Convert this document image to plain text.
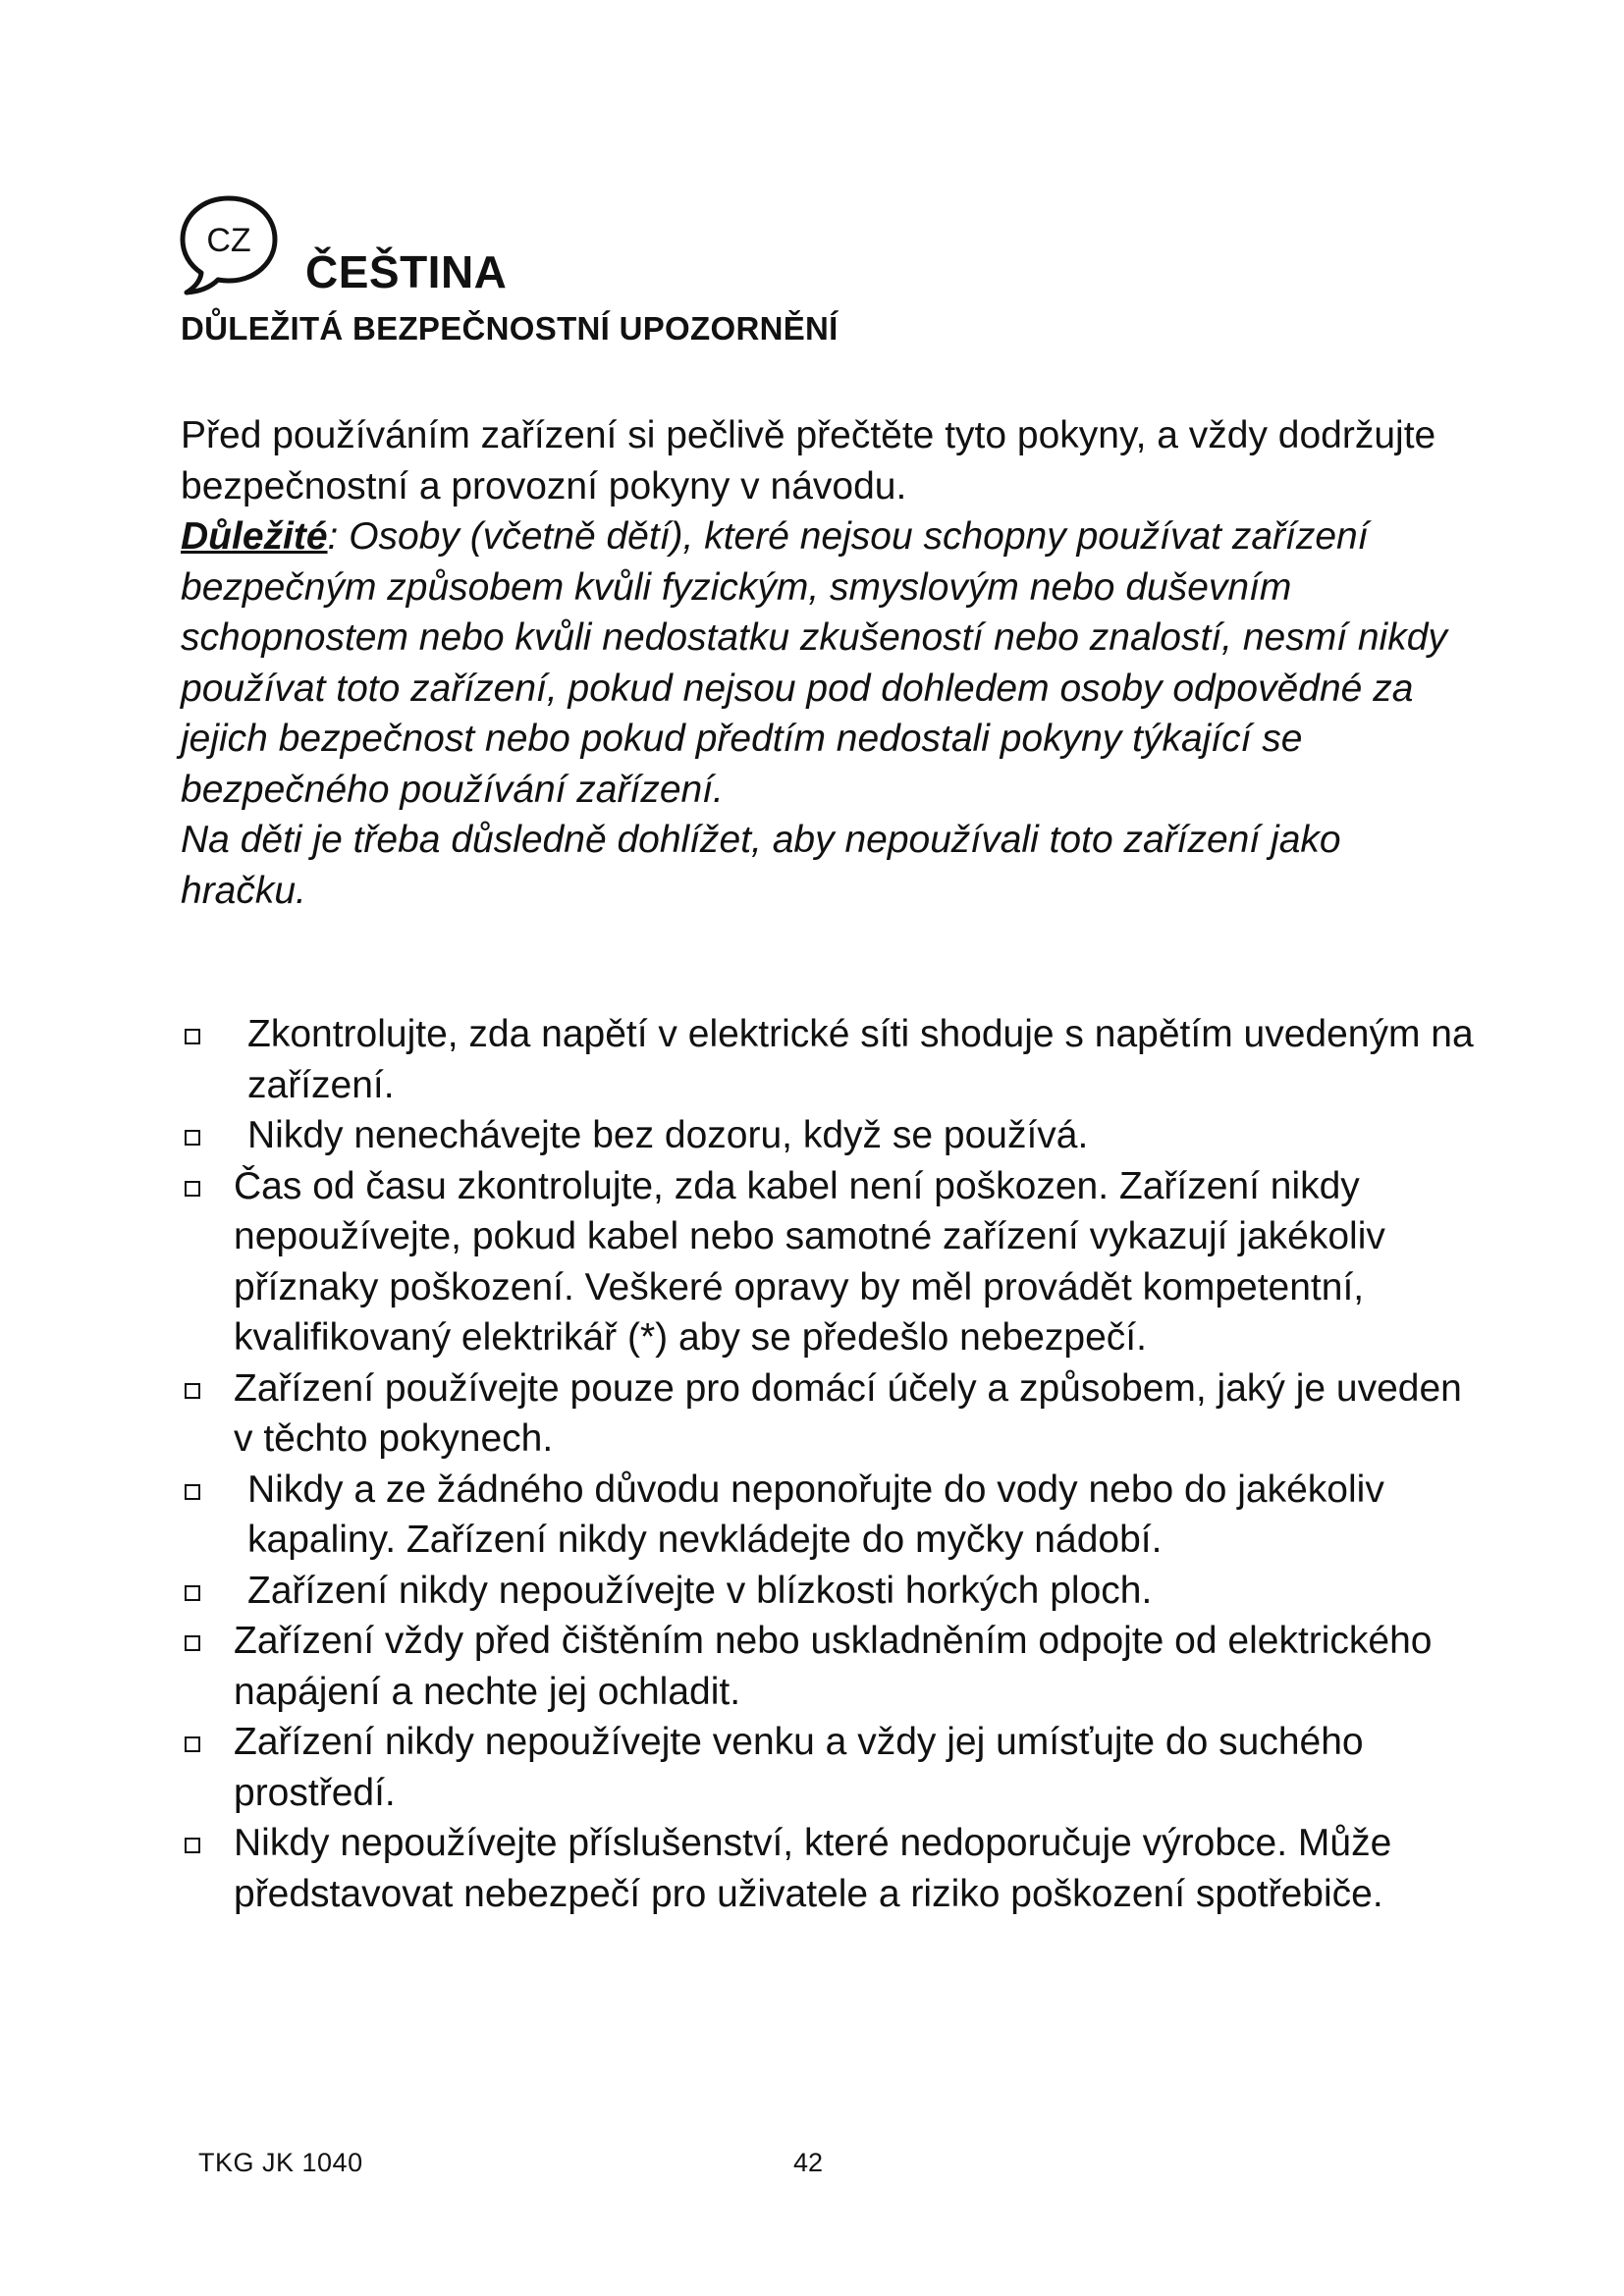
CZ
ČEŠTINA
DŮLEŽITÁ BEZPEČNOSTNÍ UPOZORNĚNÍ

Před používáním zařízení si pečlivě přečtěte tyto pokyny, a vždy dodržujte bezpečnostní a provozní pokyny v návodu.

Důležité: Osoby (včetně dětí), které nejsou schopny používat zařízení bezpečným způsobem kvůli fyzickým, smyslovým nebo duševním schopnostem nebo kvůli nedostatku zkušeností nebo znalostí, nesmí nikdy používat toto zařízení, pokud nejsou pod dohledem osoby odpovědné za jejich bezpečnost nebo pokud předtím nedostali pokyny týkající se bezpečného používání zařízení.

Na děti je třeba důsledně dohlížet, aby nepoužívali toto zařízení jako hračku.

Zkontrolujte, zda napětí v elektrické síti shoduje s napětím uvedeným na zařízení.
Nikdy nenechávejte bez dozoru, když se používá.
Čas od času zkontrolujte, zda kabel není poškozen. Zařízení nikdy nepoužívejte, pokud kabel nebo samotné zařízení vykazují jakékoliv příznaky poškození. Veškeré opravy by měl provádět kompetentní, kvalifikovaný elektrikář (*) aby se předešlo nebezpečí.
Zařízení používejte pouze pro domácí účely a způsobem, jaký je uveden v těchto pokynech.
Nikdy a ze žádného důvodu neponořujte do vody nebo do jakékoliv kapaliny. Zařízení nikdy nevkládejte do myčky nádobí.
Zařízení nikdy nepoužívejte v blízkosti horkých ploch.
Zařízení vždy před čištěním nebo uskladněním odpojte od elektrického napájení a nechte jej ochladit.
Zařízení nikdy nepoužívejte venku a vždy jej umísťujte do suchého prostředí.
Nikdy nepoužívejte příslušenství, které nedoporučuje výrobce. Může představovat nebezpečí pro uživatele a riziko poškození spotřebiče.
TKG JK 1040	42
